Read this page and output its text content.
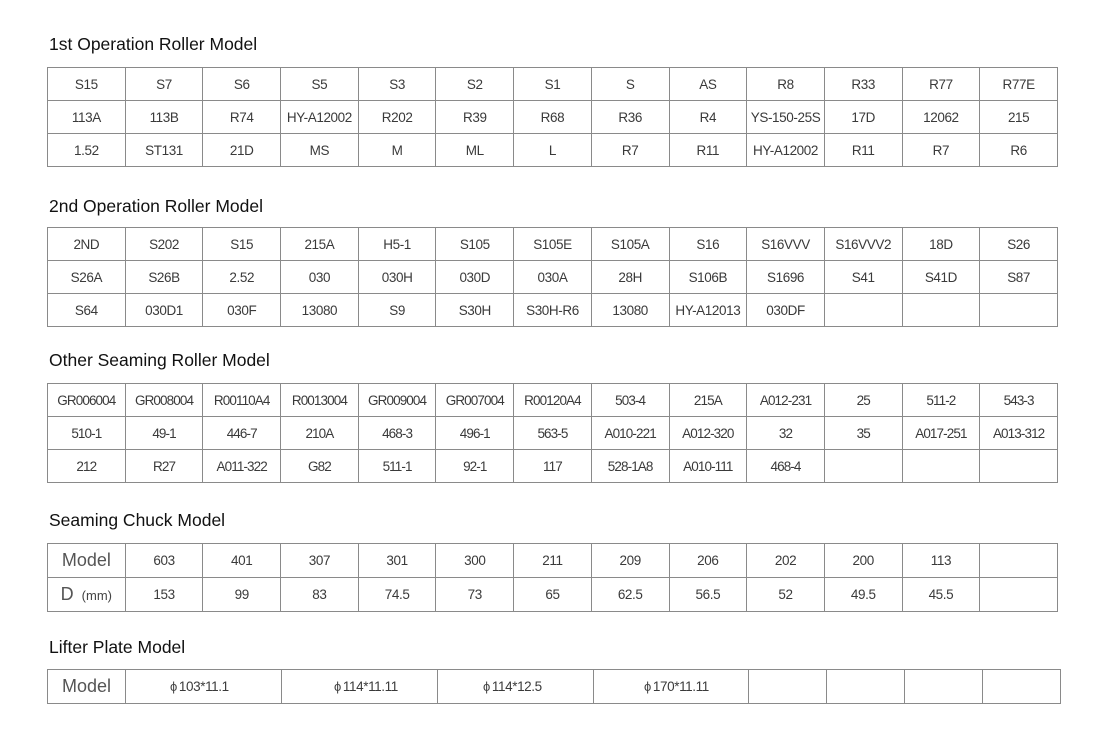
1st Operation Roller Model
S15	S7	S6	S5	S3	S2	S1	S	AS	R8	R33	R77	R77E
113A	113B	R74	HY-A12002	R202	R39	R68	R36	R4	YS-150-25S	17D	12062	215
1.52	ST131	21D	MS	M	ML	L	R7	R11	HY-A12002	R11	R7	R6
2nd Operation Roller Model
2ND	S202	S15	215A	H5-1	S105	S105E	S105A	S16	S16VVV	S16VVV2	18D	S26
S26A	S26B	2.52	030	030H	030D	030A	28H	S106B	S1696	S41	S41D	S87
S64	030D1	030F	13080	S9	S30H	S30H-R6	13080	HY-A12013	030DF			
Other Seaming Roller Model
GR006004	GR008004	R00110A4	R0013004	GR009004	GR007004	R00120A4	503-4	215A	A012-231	25	511-2	543-3
510-1	49-1	446-7	210A	468-3	496-1	563-5	A010-221	A012-320	32	35	A017-251	A013-312
212	R27	A011-322	G82	511-1	92-1	117	528-1A8	A010-111	468-4			
Seaming Chuck Model
Model	603	401	307	301	300	211	209	206	202	200	113	
D (mm)	153	99	83	74.5	73	65	62.5	56.5	52	49.5	45.5	
Lifter Plate Model
Model	ϕ 103*11.1	ϕ 114*11.11	ϕ 114*12.5	ϕ 170*11.11				
